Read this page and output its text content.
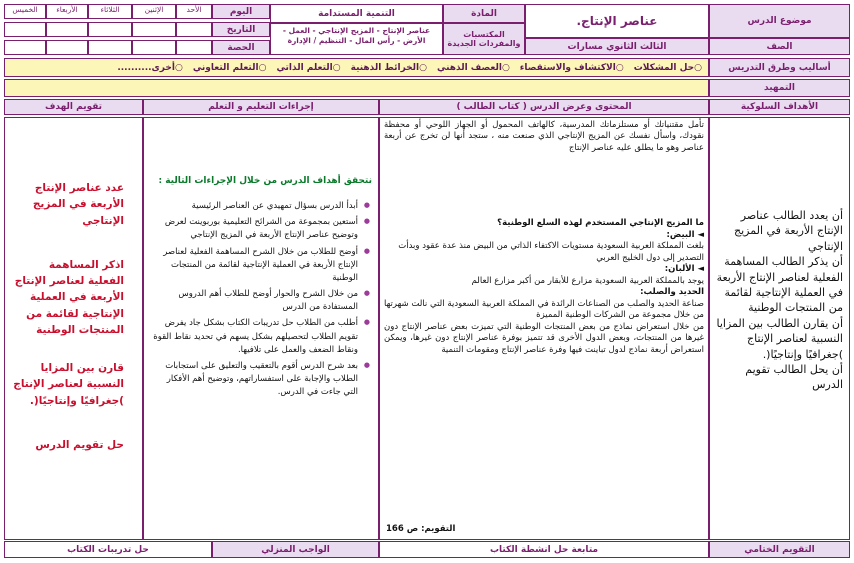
موضوع الدرس
عناصر الإنتاج.
المادة
المكتسبات والمفردات الجديدة
التنمية المستدامة
عناصر الإنتاج - المزيج الإنتاجي - العمل - الأرض - رأس المال - التنظيم / الإدارة
اليوم
التاريخ
الحصة
الأحد
الإثنين
الثلاثاء
الأربعاء
الخميس
الصف
الثالث الثانوي مسارات
أساليب وطرق التدريس
○حل المشكلات
○الاكتشاف والاستقصاء
○العصف الذهني
○الخرائط الذهنية
○التعلم الذاتي
○التعلم التعاوني
○أخرى..........
التمهيد
الأهداف السلوكية
المحتوى وعرض الدرس ( كتاب الطالب )
إجراءات التعليم و التعلم
تقويم الهدف
أن يعدد الطالب عناصر الإنتاج الأربعة في المزيج الإنتاجي
أن يذكر الطالب المساهمة الفعلية لعناصر الإنتاج الأربعة في العملية الإنتاجية لقائمة من المنتجات الوطنية
أن يقارن الطالب بين المزايا النسبية لعناصر الإنتاج )جغرافيًا وإنتاجيًا(.
أن يحل الطالب تقويم الدرس
تأمل مقتنياتك أو مستلزماتك المدرسية، كالهاتف المحمول أو الجهاز اللوحي أو محفظة نقودك، واسأل نفسك عن المزيج الإنتاجي الذي صنعت منه ، ستجد أنها لن تخرج عن أربعة عناصر وهو ما يطلق عليه عناصر الإنتاج
ما المزيج الإنتاجي المستخدم لهذه السلع الوطنية؟
◄ البيض:
بلغت المملكة العربية السعودية مستويات الاكتفاء الذاتي من البيض منذ عدة عقود وبدأت التصدير إلى دول الخليج العربي
◄ الألبان:
يوجد بالمملكة العربية السعودية مزارع للأبقار من أكبر مزارع العالم
الحديد والصلب:
صناعة الحديد والصلب من الصناعات الرائدة في المملكة العربية السعودية التي نالت شهرتها من خلال مجموعة من الشركات الوطنية المميزة
من خلال استعراض نماذج من بعض المنتجات الوطنية التي تميزت بعض عناصر الإنتاج دون غيرها من المنتجات، وبعض الدول الأخرى قد تتميز بوفرة عناصر الإنتاج دون غيرها، ويمكن استعراض أربعة نماذج لدول تباينت فيها وفرة عناصر الإنتاج ومقومات التنمية
التقويم: ص 166
نتحقق أهداف الدرس من خلال الإجراءات التالية :
● أبدأ الدرس بسؤال تمهيدي عن العناصر الرئيسية
● أستعين بمجموعة من الشرائح التعليمية بوربوينت لعرض وتوضيح عناصر الإنتاج الأربعة في المزيج الإنتاجي
● أوضح للطلاب من خلال الشرح المساهمة الفعلية لعناصر الإنتاج الأربعة في العملية الإنتاجية لقائمة من المنتجات الوطنية
● من خلال الشرح والحوار أوضح للطلاب أهم الدروس المستفادة من الدرس
● أطلب من الطلاب حل تدريبات الكتاب بشكل جاد يفرض تقويم الطلاب لتحصيلهم بشكل يسهم في تحديد نقاط القوة ونقاط الضعف والعمل على تلافيها.
● بعد شرح الدرس أقوم بالتعقيب والتعليق على استجابات الطلاب والإجابة على استفساراتهم، وتوضيح أهم الأفكار التي جاءت في الدرس.
عدد عناصر الإنتاج الأربعة في المزيج الإنتاجي
اذكر المساهمة الفعلية لعناصر الإنتاج الأربعة في العملية الإنتاجية لقائمة من المنتجات الوطنية
قارن بين المزايا النسبية لعناصر الإنتاج )جغرافيًا وإنتاجيًا(.
حل تقويم الدرس
التقويم الختامي
متابعة حل انشطة الكتاب
الواجب المنزلي
حل تدريبات الكتاب
